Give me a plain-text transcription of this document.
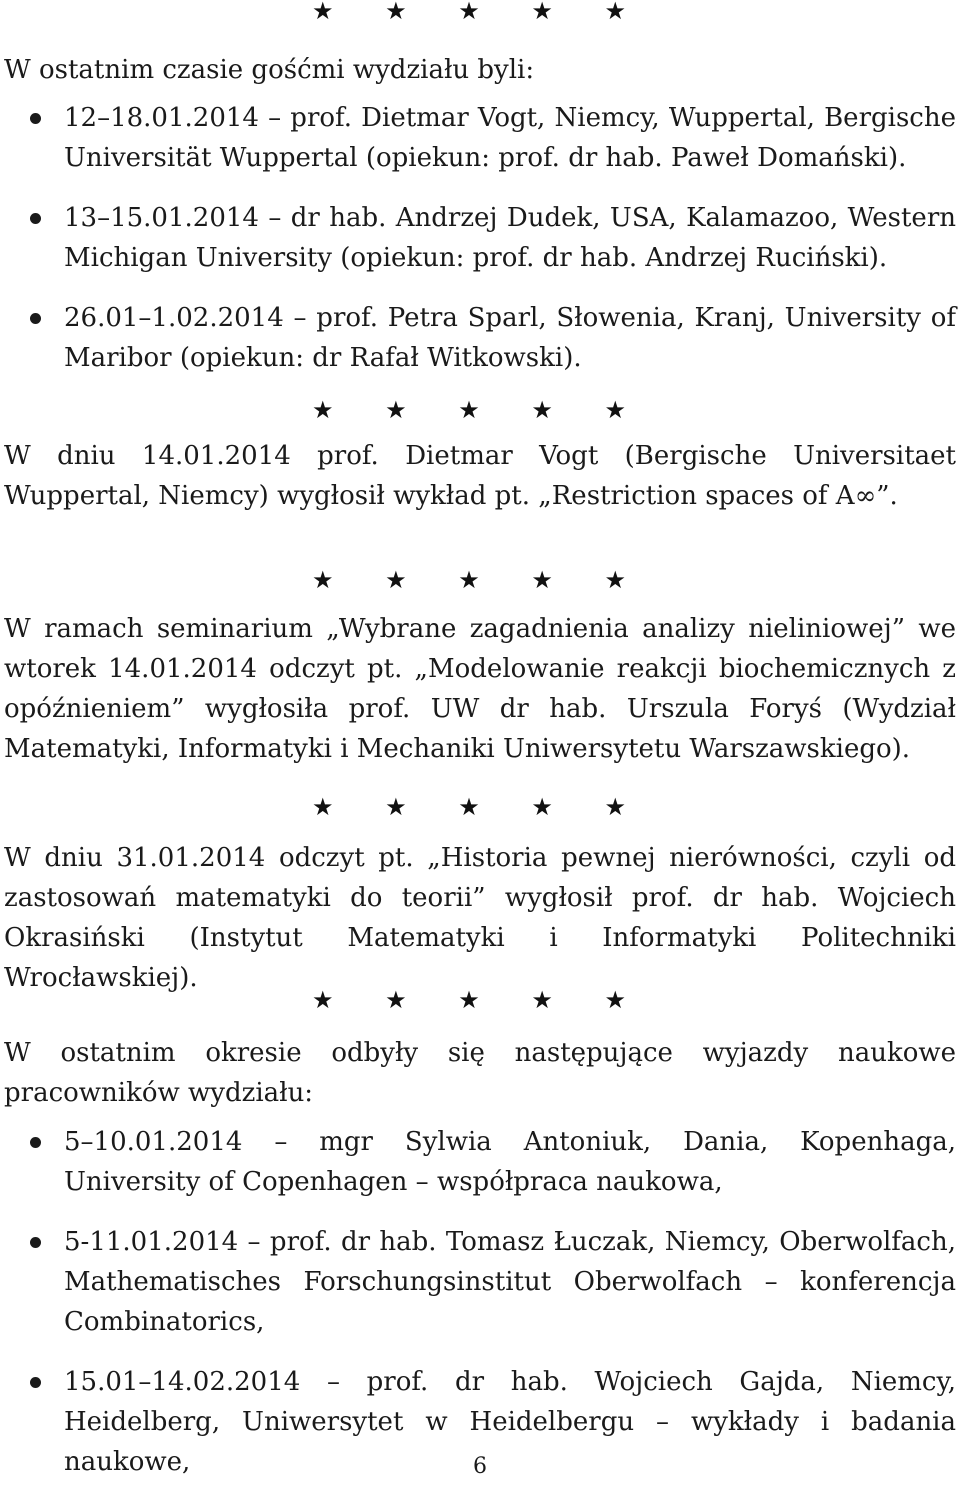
★ ★ ★ ★ ★

W ostatnim czasie gośćmi wydziału byli:

12–18.01.2014 – prof. Dietmar Vogt, Niemcy, Wuppertal, Bergische Universität Wuppertal (opiekun: prof. dr hab. Paweł Domański).
13–15.01.2014 – dr hab. Andrzej Dudek, USA, Kalamazoo, Western Michigan University (opiekun: prof. dr hab. Andrzej Ruciński).
26.01–1.02.2014 – prof. Petra Sparl, Słowenia, Kranj, University of Maribor (opiekun: dr Rafał Witkowski).
★ ★ ★ ★ ★

W dniu 14.01.2014 prof. Dietmar Vogt (Bergische Universitaet Wuppertal, Niemcy) wygłosił wykład pt. „Restriction spaces of A∞”.

★ ★ ★ ★ ★

W ramach seminarium „Wybrane zagadnienia analizy nieliniowej” we wtorek 14.01.2014 odczyt pt. „Modelowanie reakcji biochemicznych z opóźnieniem” wygłosiła prof. UW dr hab. Urszula Foryś (Wydział Matematyki, Informatyki i Mechaniki Uniwersytetu Warszawskiego).

★ ★ ★ ★ ★

W dniu 31.01.2014 odczyt pt. „Historia pewnej nierówności, czyli od zastosowań matematyki do teorii” wygłosił prof. dr hab. Wojciech Okrasiński (Instytut Matematyki i Informatyki Politechniki Wrocławskiej).

★ ★ ★ ★ ★

W ostatnim okresie odbyły się następujące wyjazdy naukowe pracowników wydziału:

5–10.01.2014 – mgr Sylwia Antoniuk, Dania, Kopenhaga, University of Copenhagen – współpraca naukowa,
5-11.01.2014 – prof. dr hab. Tomasz Łuczak, Niemcy, Oberwolfach, Mathematisches Forschungsinstitut Oberwolfach – konferencja Combinatorics,
15.01–14.02.2014 – prof. dr hab. Wojciech Gajda, Niemcy, Heidelberg, Uniwersytet w Heidelbergu – wykłady i badania naukowe,	6
